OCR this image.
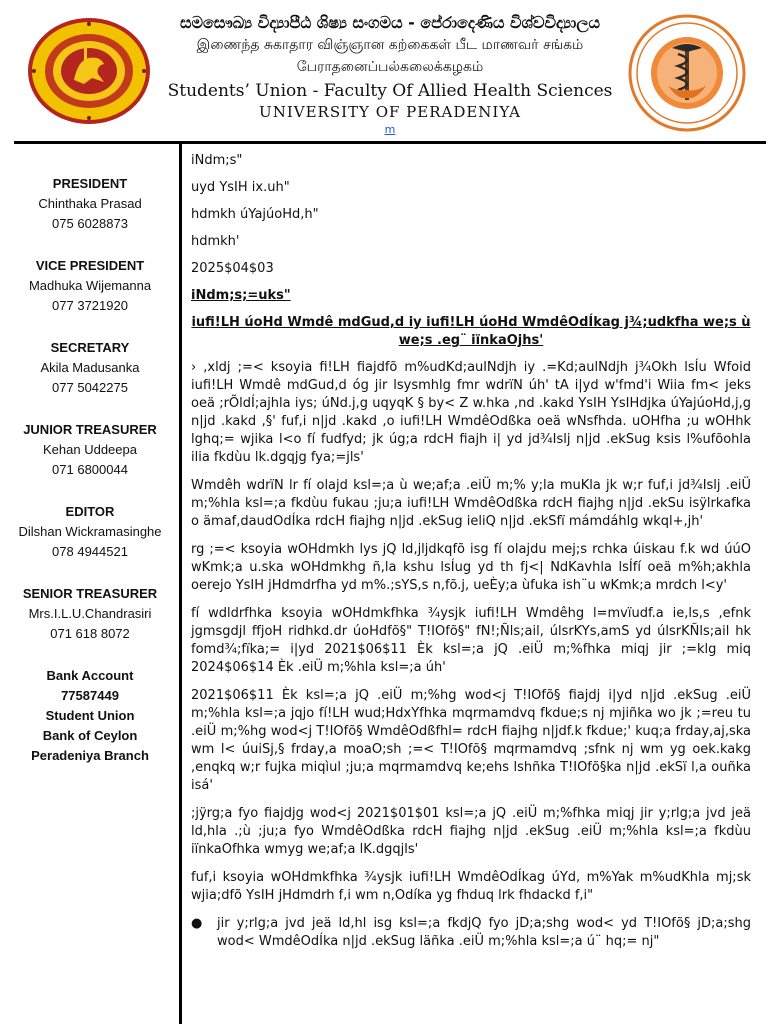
සමසෞඛ්‍ය විද්‍යාපීඨ ශිෂ්‍ය සංගමය - පේරාදෙණිය විශ්වවිද්‍යාලය
இணைந்த சுகாதார விஞ்ஞான கற்கைகள் பீட மாணவர் சங்கம்
பேராதனைப்பல்கலைக்கழகம்
Students’ Union - Faculty Of Allied Health Sciences
UNIVERSITY OF PERADENIYA
m
PRESIDENT
Chinthaka Prasad
075 6028873
VICE PRESIDENT
Madhuka Wijemanna
077 3721920
SECRETARY
Akila Madusanka
077 5042275
JUNIOR TREASURER
Kehan Uddeepa
071 6800044
EDITOR
Dilshan Wickramasinghe
078 4944521
SENIOR TREASURER
Mrs.I.L.U.Chandrasiri
071 618 8072
Bank Account
77587449
Student Union
Bank of Ceylon
Peradeniya Branch
iNdm;s"
uyd YsIH ix.uh"
hdmkh úYajúoHd,h"
hdmkh'
2025$04$03
iNdm;s;=uks"
iufi!LH úoHd Wmdê mdGud,d iy iufi!LH úoHd WmdêOdÍkag j¾;udkfha we;s ù we;s .eg¨ iïnkaOjhs'
› ,xldj ;=< ksoyia fi!LH fiajdfõ m%udKd;aulNdjh iy .=Kd;aulNdjh j¾Okh lsÍu Wfoid iufi!LH Wmdê mdGud,d óg jir lsysmhlg fmr wdrïN úh' tA i|yd w'fmd'i Wiia fm< jeks oeä ;rÕldÍ;ajhla iys; úNd.j,g uqyqK § by< Z w.hka ,nd .kakd YsIH YsIHdjka úYajúoHd,j,g n|jd .kakd ,§' fuf,i n|jd .kakd ,o iufi!LH WmdêOdßka oeä wNsfhda. uOHfha ;u wOHhk lghq;= wjika l<o fí fudfyd; jk úg;a rdcH fiajh i| yd jd¾Islj n|jd .ekSug ksis l%ufõohla ilia fkdùu lk.dgqjg fya;=jls'
Wmdêh wdrïN lr fí olajd ksl=;a ù we;af;a .eiÜ m;% y;la muKla jk w;r fuf,i jd¾Islj .eiÜ m;%hla ksl=;a fkdùu fukau ;ju;a iufi!LH WmdêOdßka rdcH fiajhg n|jd .ekSu isÿlrkafka o ämaf,daudOdÍka rdcH fiajhg n|jd .ekSug ieliQ n|jd .ekSfï mámdáhlg wkql+,jh'
rg ;=< ksoyia wOHdmkh lys jQ ld,jljdkqfõ isg fí olajdu mej;s rchka úiskau f.k wd úúO wKmk;a u.ska wOHdmkhg ñ,la kshu lsÍug yd th fj<| NdKavhla lsÍfí oeä m%h;akhla oerejo YsIH jHdmdrfha yd m%.;sYS,s n,fõ.j, ueÈy;a ùfuka ish¨u wKmk;a mrdch l<y'
fí wdldrfhka ksoyia wOHdmkfhka ¾ysjk iufi!LH Wmdêhg l=mvïudf.a ie,ls,s ,efnk jgmsgdjl ffjoH ridhkd.dr úoHdfõ§" T!IOfõ§" fN!;Ñls;ail, úlsrKYs,amS yd úlsrKÑls;ail hk fomd¾;fïka;= i|yd 2021$06$11 Èk ksl=;a jQ .eiÜ m;%fhka miqj jir ;=klg miq 2024$06$14 Èk .eiÜ m;%hla ksl=;a úh'
2021$06$11 Èk ksl=;a jQ .eiÜ m;%hg wod<j T!IOfõ§ fiajdj i|yd n|jd .ekSug .eiÜ m;%hla ksl=;a jqjo fí!LH wud;HdxYfhka mqrmamdvq fkdue;s nj mjiñka wo jk ;=reu tu .eiÜ m;%hg wod<j T!IOfõ§ WmdêOdßfhl= rdcH fiajhg n|jdf.k fkdue;' kuq;a frday,aj,ska wm l< úuiSj,§ frday,a moaO;sh ;=< T!IOfõ§ mqrmamdvq ;sfnk nj wm yg oek.kakg ,enqkq w;r fujka miqìul ;ju;a mqrmamdvq ke;ehs lshñka T!IOfõ§ka n|jd .ekSï l,a ouñka isá'
;jÿrg;a fyo fiajdjg wod<j 2021$01$01 ksl=;a jQ .eiÜ m;%fhka miqj jir y;rlg;a jvd jeä ld,hla .;ù ;ju;a fyo WmdêOdßka rdcH fiajhg n|jd .ekSug .eiÜ m;%hla ksl=;a fkdùu iïnkaOfhka wmyg we;af;a lK.dgqjls'
fuf,i ksoyia wOHdmkfhka ¾ysjk iufi!LH WmdêOdÍkag úYd, m%Yak m%udKhla mj;sk wjia;dfõ YsIH jHdmdrh f,i wm n,Odíka yg fhduq lrk fhdackd f,i"
●	jir y;rlg;a jvd jeä ld,hl isg ksl=;a fkdjQ fyo jD;a;shg wod< yd T!IOfõ§ jD;a;shg wod< WmdêOdÍka n|jd .ekSug läñka .eiÜ m;%hla ksl=;a ú¨ hq;= nj"
